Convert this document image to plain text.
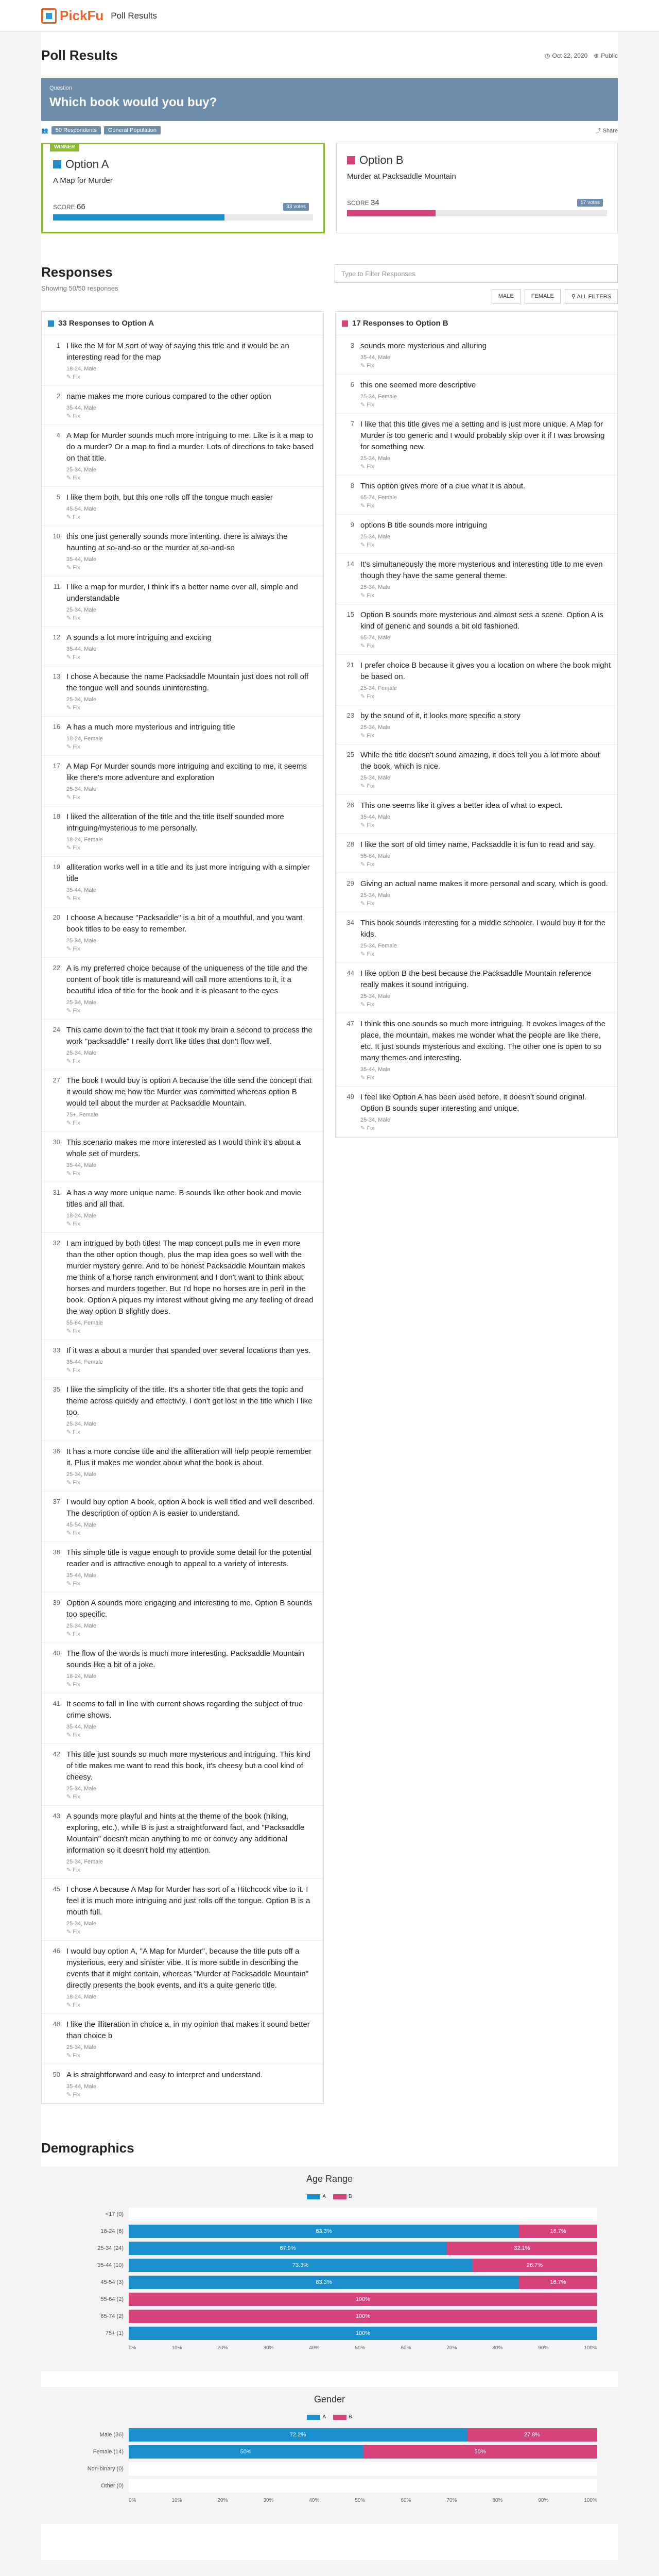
PickFu Poll Results
Poll Results	◷ Oct 22, 2020 ⊕ Public
Question
Which book would you buy?
👥	50 Respondents	General Population	⤴ Share
WINNER
Option A
A Map for Murder
SCORE 66	33 votes
Option B
Murder at Packsaddle Mountain
SCORE 34	17 votes
Responses
Showing 50/50 responses
Type to Filter Responses
MALE	FEMALE	⚲ ALL FILTERS
33 Responses to Option A
1 I like the M for M sort of way of saying this title and it would be an interesting read for the map
18-24, Male
✎ Fix
2 name makes me more curious compared to the other option
35-44, Male
✎ Fix
4 A Map for Murder sounds much more intriguing to me. Like is it a map to do a murder? Or a map to find a murder. Lots of directions to take based on that title.
25-34, Male
✎ Fix
5 I like them both, but this one rolls off the tongue much easier
45-54, Male
✎ Fix
10 this one just generally sounds more intenting. there is always the haunting at so-and-so or the murder at so-and-so
35-44, Male
✎ Fix
11 I like a map for murder, I think it's a better name over all, simple and understandable
25-34, Male
✎ Fix
12 A sounds a lot more intriguing and exciting
35-44, Male
✎ Fix
13 I chose A because the name Packsaddle Mountain just does not roll off the tongue well and sounds uninteresting.
25-34, Male
✎ Fix
16 A has a much more mysterious and intriguing title
18-24, Female
✎ Fix
17 A Map For Murder sounds more intriguing and exciting to me, it seems like there's more adventure and exploration
25-34, Male
✎ Fix
18 I liked the alliteration of the title and the title itself sounded more intriguing/mysterious to me personally.
18-24, Female
✎ Fix
19 alliteration works well in a title and its just more intriguing with a simpler title
35-44, Male
✎ Fix
20 I choose A because "Packsaddle" is a bit of a mouthful, and you want book titles to be easy to remember.
25-34, Male
✎ Fix
22 A is my preferred choice because of the uniqueness of the title and the content of book title is matureand will call more attentions to it, it a beautiful idea of title for the book and it is pleasant to the eyes
25-34, Male
✎ Fix
24 This came down to the fact that it took my brain a second to process the work "packsaddle" I really don't like titles that don't flow well.
25-34, Male
✎ Fix
27 The book I would buy is option A because the title send the concept that it would show me how the Murder was committed whereas option B would tell about the murder at Packsaddle Mountain.
75+, Female
✎ Fix
30 This scenario makes me more interested as I would think it's about a whole set of murders.
35-44, Male
✎ Fix
31 A has a way more unique name. B sounds like other book and movie titles and all that.
18-24, Male
✎ Fix
32 I am intrigued by both titles! The map concept pulls me in even more than the other option though, plus the map idea goes so well with the murder mystery genre. And to be honest Packsaddle Mountain makes me think of a horse ranch environment and I don't want to think about horses and murders together. But I'd hope no horses are in peril in the book. Option A piques my interest without giving me any feeling of dread the way option B slightly does.
55-64, Female
✎ Fix
33 If it was a about a murder that spanded over several locations than yes.
35-44, Female
✎ Fix
35 I like the simplicity of the title. It's a shorter title that gets the topic and theme across quickly and effectivly. I don't get lost in the title which I like too.
25-34, Male
✎ Fix
36 It has a more concise title and the alliteration will help people remember it. Plus it makes me wonder about what the book is about.
25-34, Male
✎ Fix
37 I would buy option A book, option A book is well titled and well described. The description of option A is easier to understand.
45-54, Male
✎ Fix
38 This simple title is vague enough to provide some detail for the potential reader and is attractive enough to appeal to a variety of interests.
35-44, Male
✎ Fix
39 Option A sounds more engaging and interesting to me. Option B sounds too specific.
25-34, Male
✎ Fix
40 The flow of the words is much more interesting. Packsaddle Mountain sounds like a bit of a joke.
18-24, Male
✎ Fix
41 It seems to fall in line with current shows regarding the subject of true crime shows.
35-44, Male
✎ Fix
42 This title just sounds so much more mysterious and intriguing. This kind of title makes me want to read this book, it's cheesy but a cool kind of cheesy.
25-34, Male
✎ Fix
43 A sounds more playful and hints at the theme of the book (hiking, exploring, etc.), while B is just a straightforward fact, and "Packsaddle Mountain" doesn't mean anything to me or convey any additional information so it doesn't hold my attention.
25-34, Female
✎ Fix
45 I chose A because A Map for Murder has sort of a Hitchcock vibe to it. I feel it is much more intriguing and just rolls off the tongue. Option B is a mouth full.
25-34, Male
✎ Fix
46 I would buy option A, "A Map for Murder", because the title puts off a mysterious, eery and sinister vibe. It is more subtle in describing the events that it might contain, whereas "Murder at Packsaddle Mountain" directly presents the book events, and it's a quite generic title.
18-24, Male
✎ Fix
48 I like the illiteration in choice a, in my opinion that makes it sound better than choice b
25-34, Male
✎ Fix
50 A is straightforward and easy to interpret and understand.
35-44, Male
✎ Fix
17 Responses to Option B
3 sounds more mysterious and alluring
35-44, Male
✎ Fix
6 this one seemed more descriptive
25-34, Female
✎ Fix
7 I like that this title gives me a setting and is just more unique. A Map for Murder is too generic and I would probably skip over it if I was browsing for something new.
25-34, Male
✎ Fix
8 This option gives more of a clue what it is about.
65-74, Female
✎ Fix
9 options B title sounds more intriguing
25-34, Male
✎ Fix
14 It's simultaneously the more mysterious and interesting title to me even though they have the same general theme.
25-34, Male
✎ Fix
15 Option B sounds more mysterious and almost sets a scene. Option A is kind of generic and sounds a bit old fashioned.
65-74, Male
✎ Fix
21 I prefer choice B because it gives you a location on where the book might be based on.
25-34, Female
✎ Fix
23 by the sound of it, it looks more specific a story
25-34, Male
✎ Fix
25 While the title doesn't sound amazing, it does tell you a lot more about the book, which is nice.
25-34, Male
✎ Fix
26 This one seems like it gives a better idea of what to expect.
35-44, Male
✎ Fix
28 I like the sort of old timey name, Packsaddle it is fun to read and say.
55-64, Male
✎ Fix
29 Giving an actual name makes it more personal and scary, which is good.
25-34, Male
✎ Fix
34 This book sounds interesting for a middle schooler. I would buy it for the kids.
25-34, Female
✎ Fix
44 I like option B the best because the Packsaddle Mountain reference really makes it sound intriguing.
25-34, Male
✎ Fix
47 I think this one sounds so much more intriguing. It evokes images of the place, the mountain, makes me wonder what the people are like there, etc. It just sounds mysterious and exciting. The other one is open to so many themes and interesting.
35-44, Male
✎ Fix
49 I feel like Option A has been used before, it doesn't sound original. Option B sounds super interesting and unique.
25-34, Male
✎ Fix
Demographics
Age Range
A	B
<17 (0)
18-24 (6)	83.3%	16.7%
25-34 (24)	67.9%	32.1%
35-44 (10)	73.3%	26.7%
45-54 (3)	83.3%	16.7%
55-64 (2)	100%
65-74 (2)	100%
75+ (1)	100%
0%	10%	20%	30%	40%	50%	60%	70%	80%	90%	100%
Gender
A	B
Male (36)	72.2%	27.8%
Female (14)	50%	50%
Non-binary (0)
Other (0)
0%	10%	20%	30%	40%	50%	60%	70%	80%	90%	100%
